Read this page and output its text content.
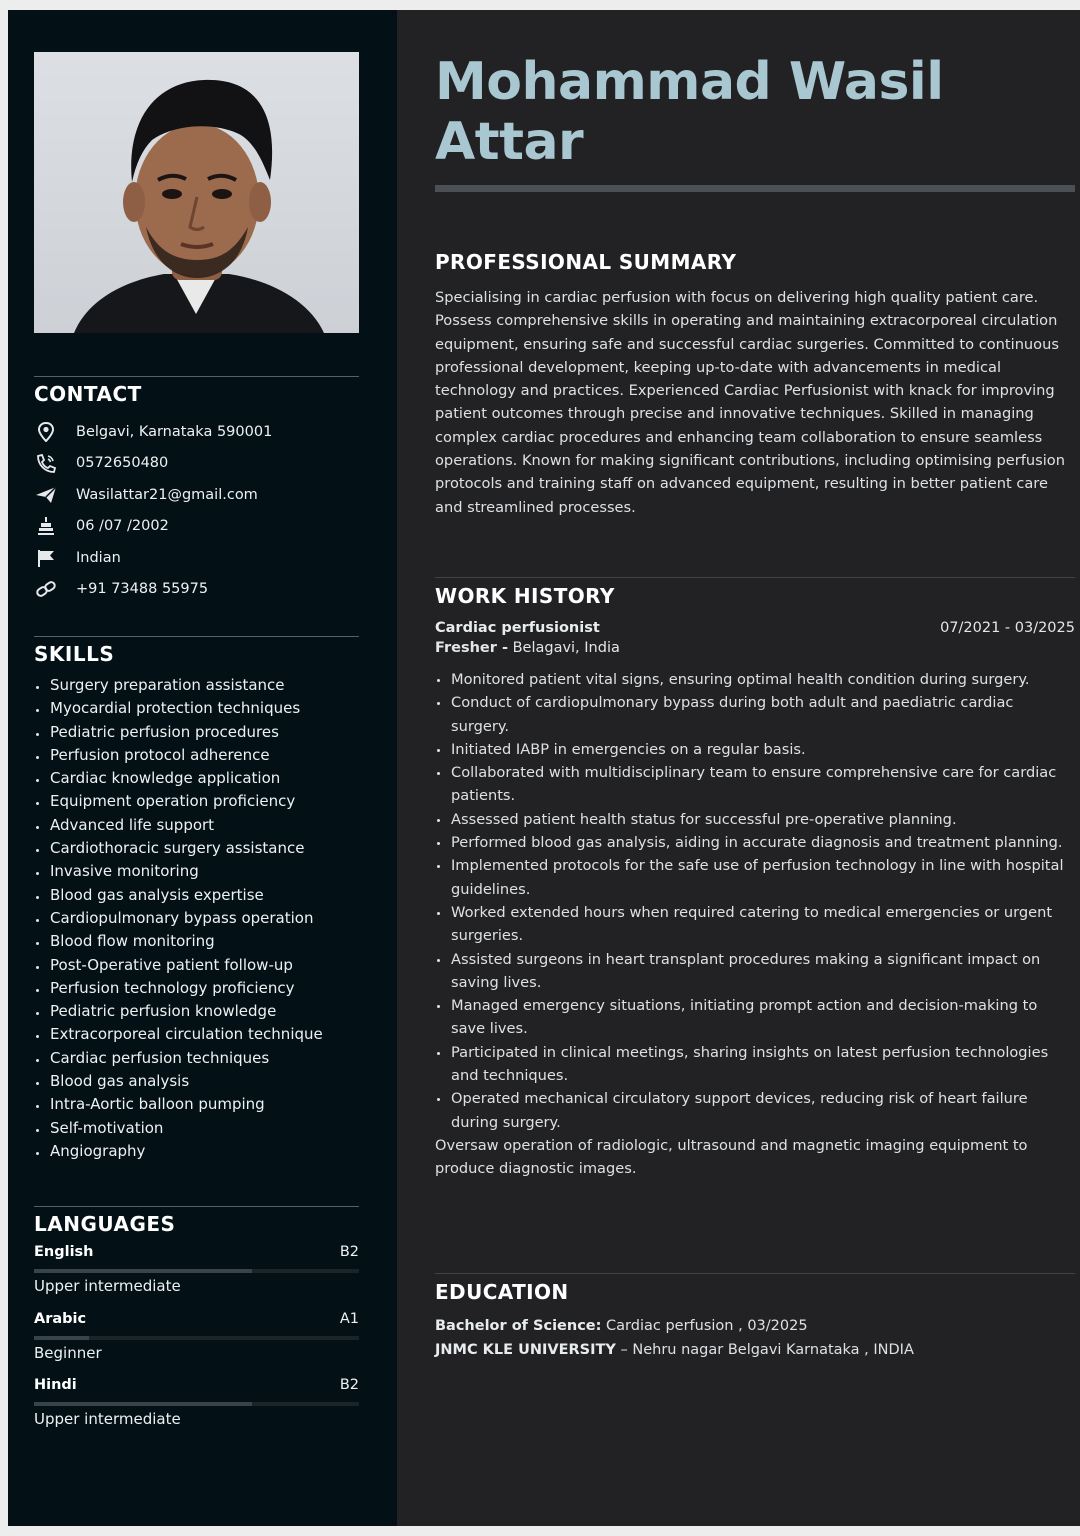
CONTACT
Belgavi, Karnataka 590001
0572650480
Wasilattar21@gmail.com
06 /07 /2002
Indian
+91 73488 55975
SKILLS
Surgery preparation assistance
Myocardial protection techniques
Pediatric perfusion procedures
Perfusion protocol adherence
Cardiac knowledge application
Equipment operation proficiency
Advanced life support
Cardiothoracic surgery assistance
Invasive monitoring
Blood gas analysis expertise
Cardiopulmonary bypass operation
Blood flow monitoring
Post-Operative patient follow-up
Perfusion technology proficiency
Pediatric perfusion knowledge
Extracorporeal circulation technique
Cardiac perfusion techniques
Blood gas analysis
Intra-Aortic balloon pumping
Self-motivation
Angiography
LANGUAGES
English	B2
Upper intermediate
Arabic	A1
Beginner
Hindi	B2
Upper intermediate
Mohammad Wasil Attar
PROFESSIONAL SUMMARY
Specialising in cardiac perfusion with focus on delivering high quality patient care. Possess comprehensive skills in operating and maintaining extracorporeal circulation equipment, ensuring safe and successful cardiac surgeries. Committed to continuous professional development, keeping up-to-date with advancements in medical technology and practices. Experienced Cardiac Perfusionist with knack for improving patient outcomes through precise and innovative techniques. Skilled in managing complex cardiac procedures and enhancing team collaboration to ensure seamless operations. Known for making significant contributions, including optimising perfusion protocols and training staff on advanced equipment, resulting in better patient care and streamlined processes.
WORK HISTORY
Cardiac perfusionist	07/2021 - 03/2025
Fresher - Belagavi, India
Monitored patient vital signs, ensuring optimal health condition during surgery.
Conduct of cardiopulmonary bypass during both adult and paediatric cardiac surgery.
Initiated IABP in emergencies on a regular basis.
Collaborated with multidisciplinary team to ensure comprehensive care for cardiac patients.
Assessed patient health status for successful pre-operative planning.
Performed blood gas analysis, aiding in accurate diagnosis and treatment planning.
Implemented protocols for the safe use of perfusion technology in line with hospital guidelines.
Worked extended hours when required catering to medical emergencies or urgent surgeries.
Assisted surgeons in heart transplant procedures making a significant impact on saving lives.
Managed emergency situations, initiating prompt action and decision-making to save lives.
Participated in clinical meetings, sharing insights on latest perfusion technologies and techniques.
Operated mechanical circulatory support devices, reducing risk of heart failure during surgery.
Oversaw operation of radiologic, ultrasound and magnetic imaging equipment to produce diagnostic images.
EDUCATION
Bachelor of Science: Cardiac perfusion , 03/2025
JNMC KLE UNIVERSITY – Nehru nagar Belgavi Karnataka , INDIA
